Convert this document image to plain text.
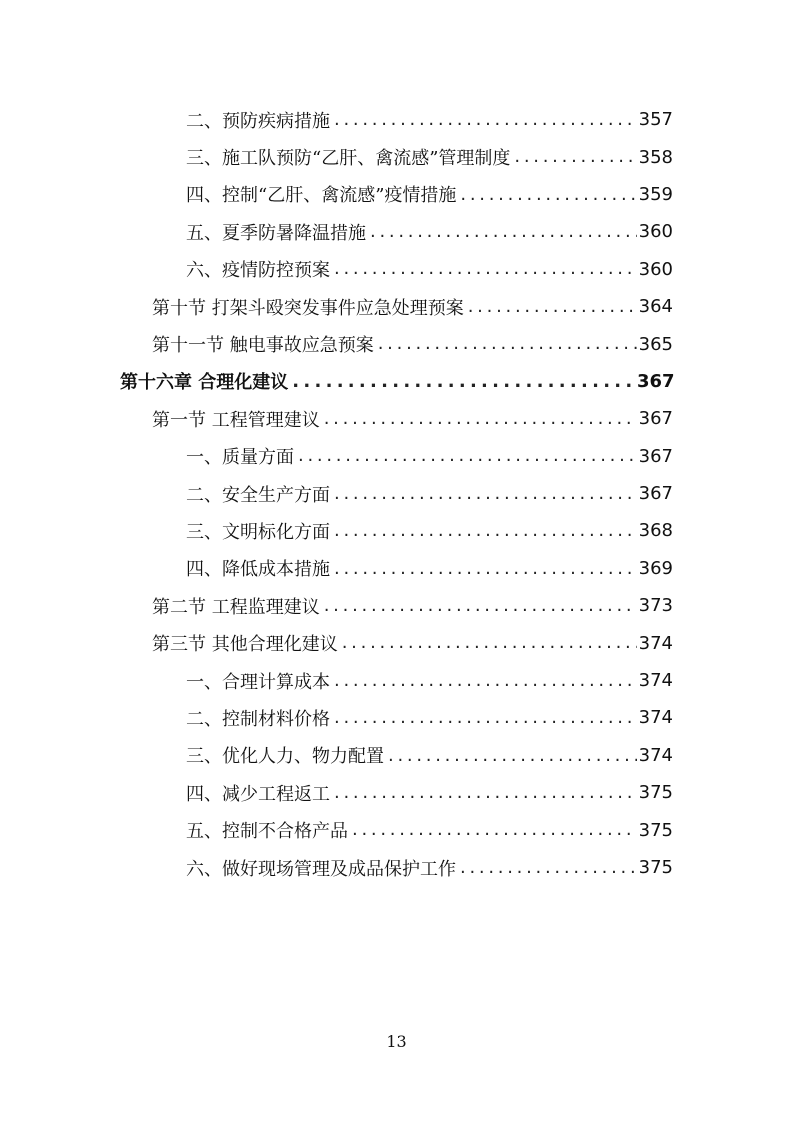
二、预防疾病措施 . . .	357
三、施工队预防“乙肝、禽流感”管理制度 . . .	358
四、控制“乙肝、禽流感”疫情措施 . . .	359
五、夏季防暑降温措施 . . .	360
六、疫情防控预案 . . .	360
第十节 打架斗殴突发事件应急处理预案 . . .	364
第十一节 触电事故应急预案 . . .	365
第十六章 合理化建议 . . .	367
第一节 工程管理建议 . . .	367
一、质量方面 . . .	367
二、安全生产方面 . . .	367
三、文明标化方面 . . .	368
四、降低成本措施 . . .	369
第二节 工程监理建议 . . .	373
第三节 其他合理化建议 . . .	374
一、合理计算成本 . . .	374
二、控制材料价格 . . .	374
三、优化人力、物力配置 . . .	374
四、减少工程返工 . . .	375
五、控制不合格产品 . . .	375
六、做好现场管理及成品保护工作 . . .	375
13
